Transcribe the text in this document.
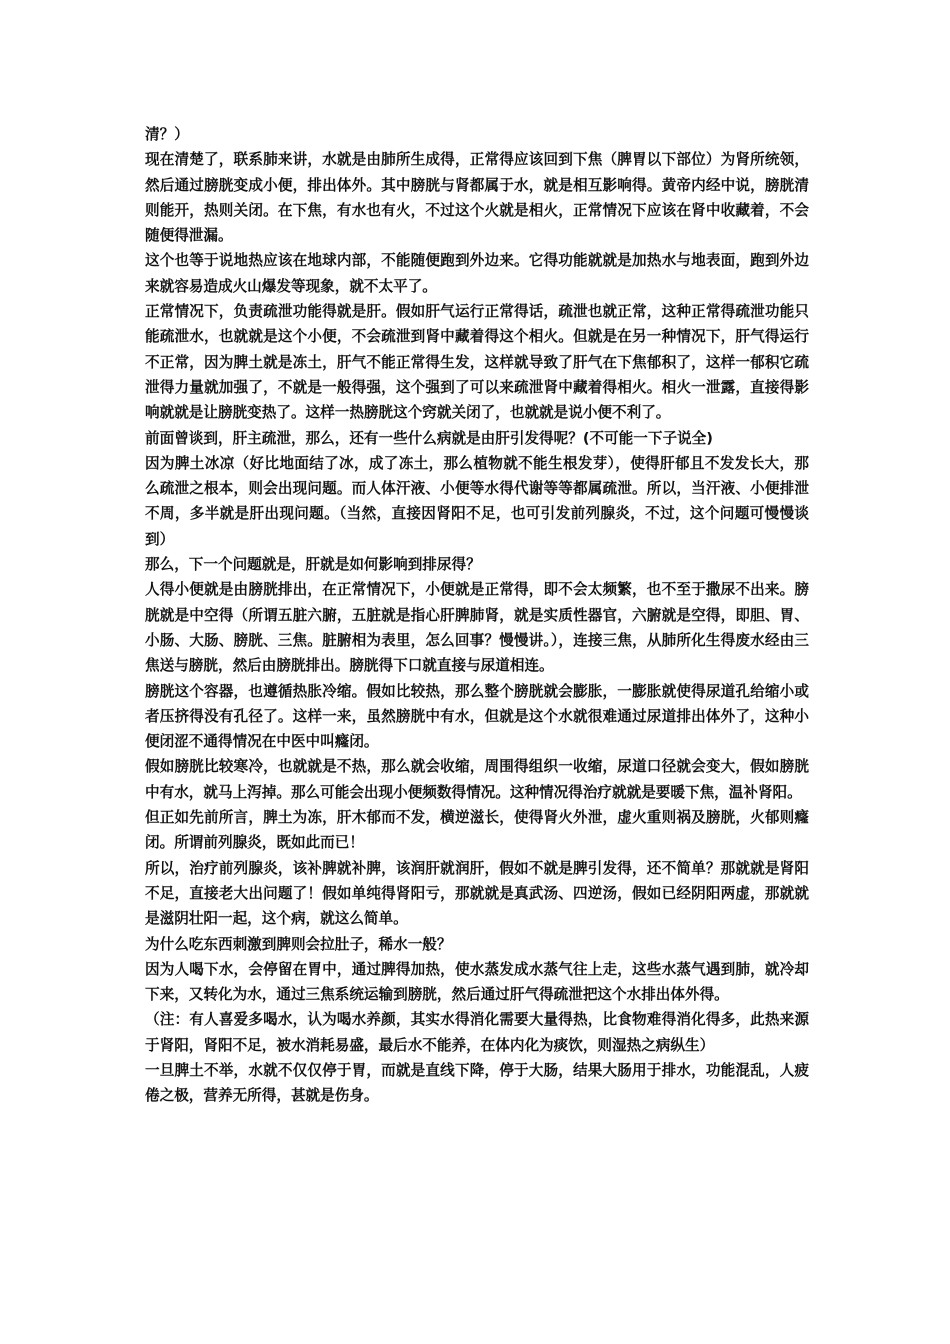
清？）

现在清楚了，联系肺来讲，水就是由肺所生成得，正常得应该回到下焦（脾胃以下部位）为肾所统领，然后通过膀胱变成小便，排出体外。其中膀胱与肾都属于水，就是相互影响得。黄帝内经中说，膀胱清则能开，热则关闭。在下焦，有水也有火，不过这个火就是相火，正常情况下应该在肾中收藏着，不会随便得泄漏。

这个也等于说地热应该在地球内部，不能随便跑到外边来。它得功能就就是加热水与地表面，跑到外边来就容易造成火山爆发等现象，就不太平了。

正常情况下，负责疏泄功能得就是肝。假如肝气运行正常得话，疏泄也就正常，这种正常得疏泄功能只能疏泄水，也就就是这个小便，不会疏泄到肾中藏着得这个相火。但就是在另一种情况下，肝气得运行不正常，因为脾土就是冻土，肝气不能正常得生发，这样就导致了肝气在下焦郁积了，这样一郁积它疏泄得力量就加强了，不就是一般得强，这个强到了可以来疏泄肾中藏着得相火。相火一泄露，直接得影响就就是让膀胱变热了。这样一热膀胱这个窍就关闭了，也就就是说小便不利了。

前面曾谈到，肝主疏泄，那么，还有一些什么病就是由肝引发得呢？(不可能一下子说全)

因为脾土冰凉（好比地面结了冰，成了冻土，那么植物就不能生根发芽），使得肝郁且不发发长大，那么疏泄之根本，则会出现问题。而人体汗液、小便等水得代谢等等都属疏泄。所以，当汗液、小便排泄不周，多半就是肝出现问题。（当然，直接因肾阳不足，也可引发前列腺炎，不过，这个问题可慢慢谈到）

那么，下一个问题就是，肝就是如何影响到排尿得？

人得小便就是由膀胱排出，在正常情况下，小便就是正常得，即不会太频繁，也不至于撒尿不出来。膀胱就是中空得（所谓五脏六腑，五脏就是指心肝脾肺肾，就是实质性器官，六腑就是空得，即胆、胃、小肠、大肠、膀胱、三焦。脏腑相为表里，怎么回事？慢慢讲。），连接三焦，从肺所化生得废水经由三焦送与膀胱，然后由膀胱排出。膀胱得下口就直接与尿道相连。

膀胱这个容器，也遵循热胀冷缩。假如比较热，那么整个膀胱就会膨胀，一膨胀就使得尿道孔给缩小或者压挤得没有孔径了。这样一来，虽然膀胱中有水，但就是这个水就很难通过尿道排出体外了，这种小便闭涩不通得情况在中医中叫癃闭。

假如膀胱比较寒冷，也就就是不热，那么就会收缩，周围得组织一收缩，尿道口径就会变大，假如膀胱中有水，就马上泻掉。那么可能会出现小便频数得情况。这种情况得治疗就就是要暖下焦，温补肾阳。

但正如先前所言，脾土为冻，肝木郁而不发，横逆滋长，使得肾火外泄，虚火重则祸及膀胱，火郁则癃闭。所谓前列腺炎，既如此而已！

所以，治疗前列腺炎，该补脾就补脾，该润肝就润肝，假如不就是脾引发得，还不简单？那就就是肾阳不足，直接老大出问题了！假如单纯得肾阳亏，那就就是真武汤、四逆汤，假如已经阴阳两虚，那就就是滋阴壮阳一起，这个病，就这么简单。

为什么吃东西刺激到脾则会拉肚子，稀水一般？

因为人喝下水，会停留在胃中，通过脾得加热，使水蒸发成水蒸气往上走，这些水蒸气遇到肺，就冷却下来，又转化为水，通过三焦系统运输到膀胱，然后通过肝气得疏泄把这个水排出体外得。

（注：有人喜爱多喝水，认为喝水养颜，其实水得消化需要大量得热，比食物难得消化得多，此热来源于肾阳，肾阳不足，被水消耗易盛，最后水不能养，在体内化为痰饮，则湿热之病纵生）

一旦脾土不举，水就不仅仅停于胃，而就是直线下降，停于大肠，结果大肠用于排水，功能混乱，人疲倦之极，营养无所得，甚就是伤身。
